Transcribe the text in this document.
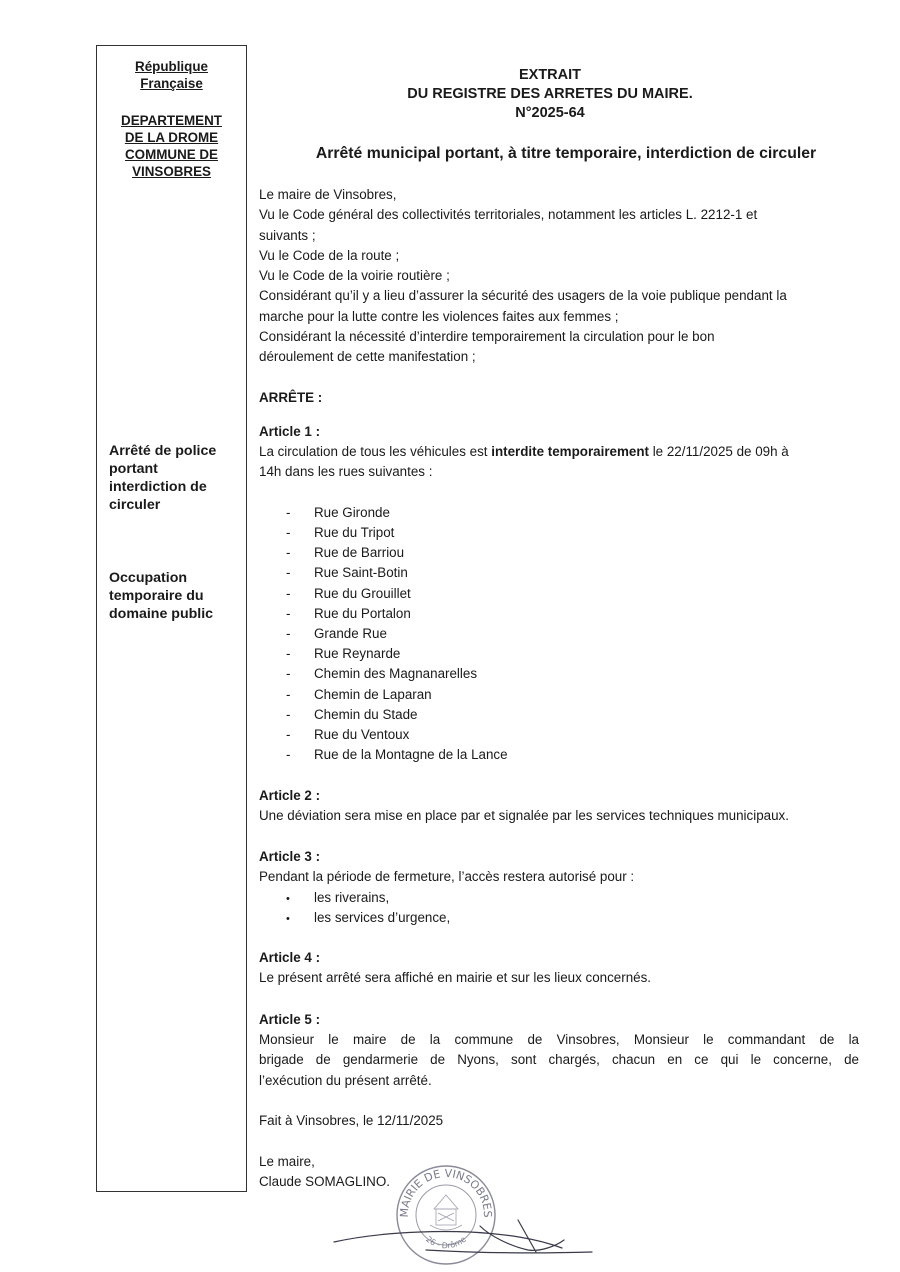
République
Française
DEPARTEMENT
DE LA DROME
COMMUNE DE
VINSOBRES
Arrêté de police
portant
interdiction de
circuler
Occupation
temporaire du
domaine public
EXTRAIT
DU REGISTRE DES ARRETES DU MAIRE.
N°2025-64
Arrêté municipal portant, à titre temporaire, interdiction de circuler
Le maire de Vinsobres,
Vu le Code général des collectivités territoriales, notamment les articles L. 2212-1 et
suivants ;
Vu le Code de la route ;
Vu le Code de la voirie routière ;
Considérant qu’il y a lieu d’assurer la sécurité des usagers de la voie publique pendant la
marche pour la lutte contre les violences faites aux femmes ;
Considérant la nécessité d’interdire temporairement la circulation pour le bon
déroulement de cette manifestation ;
ARRÊTE :
Article 1 :
La circulation de tous les véhicules est interdite temporairement le 22/11/2025 de 09h à
14h dans les rues suivantes :
- Rue Gironde
- Rue du Tripot
- Rue de Barriou
- Rue Saint-Botin
- Rue du Grouillet
- Rue du Portalon
- Grande Rue
- Rue Reynarde
- Chemin des Magnanarelles
- Chemin de Laparan
- Chemin du Stade
- Rue du Ventoux
- Rue de la Montagne de la Lance
Article 2 :
Une déviation sera mise en place par et signalée par les services techniques municipaux.
Article 3 :
Pendant la période de fermeture, l’accès restera autorisé pour :
• les riverains,
• les services d’urgence,
Article 4 :
Le présent arrêté sera affiché en mairie et sur les lieux concernés.
Article 5 :
Monsieur le maire de la commune de Vinsobres, Monsieur le commandant de la
brigade de gendarmerie de Nyons, sont chargés, chacun en ce qui le concerne, de
l’exécution du présent arrêté.
Fait à Vinsobres, le 12/11/2025
Le maire,
Claude SOMAGLINO.
MAIRIE DE VINSOBRES
26 - Drôme
